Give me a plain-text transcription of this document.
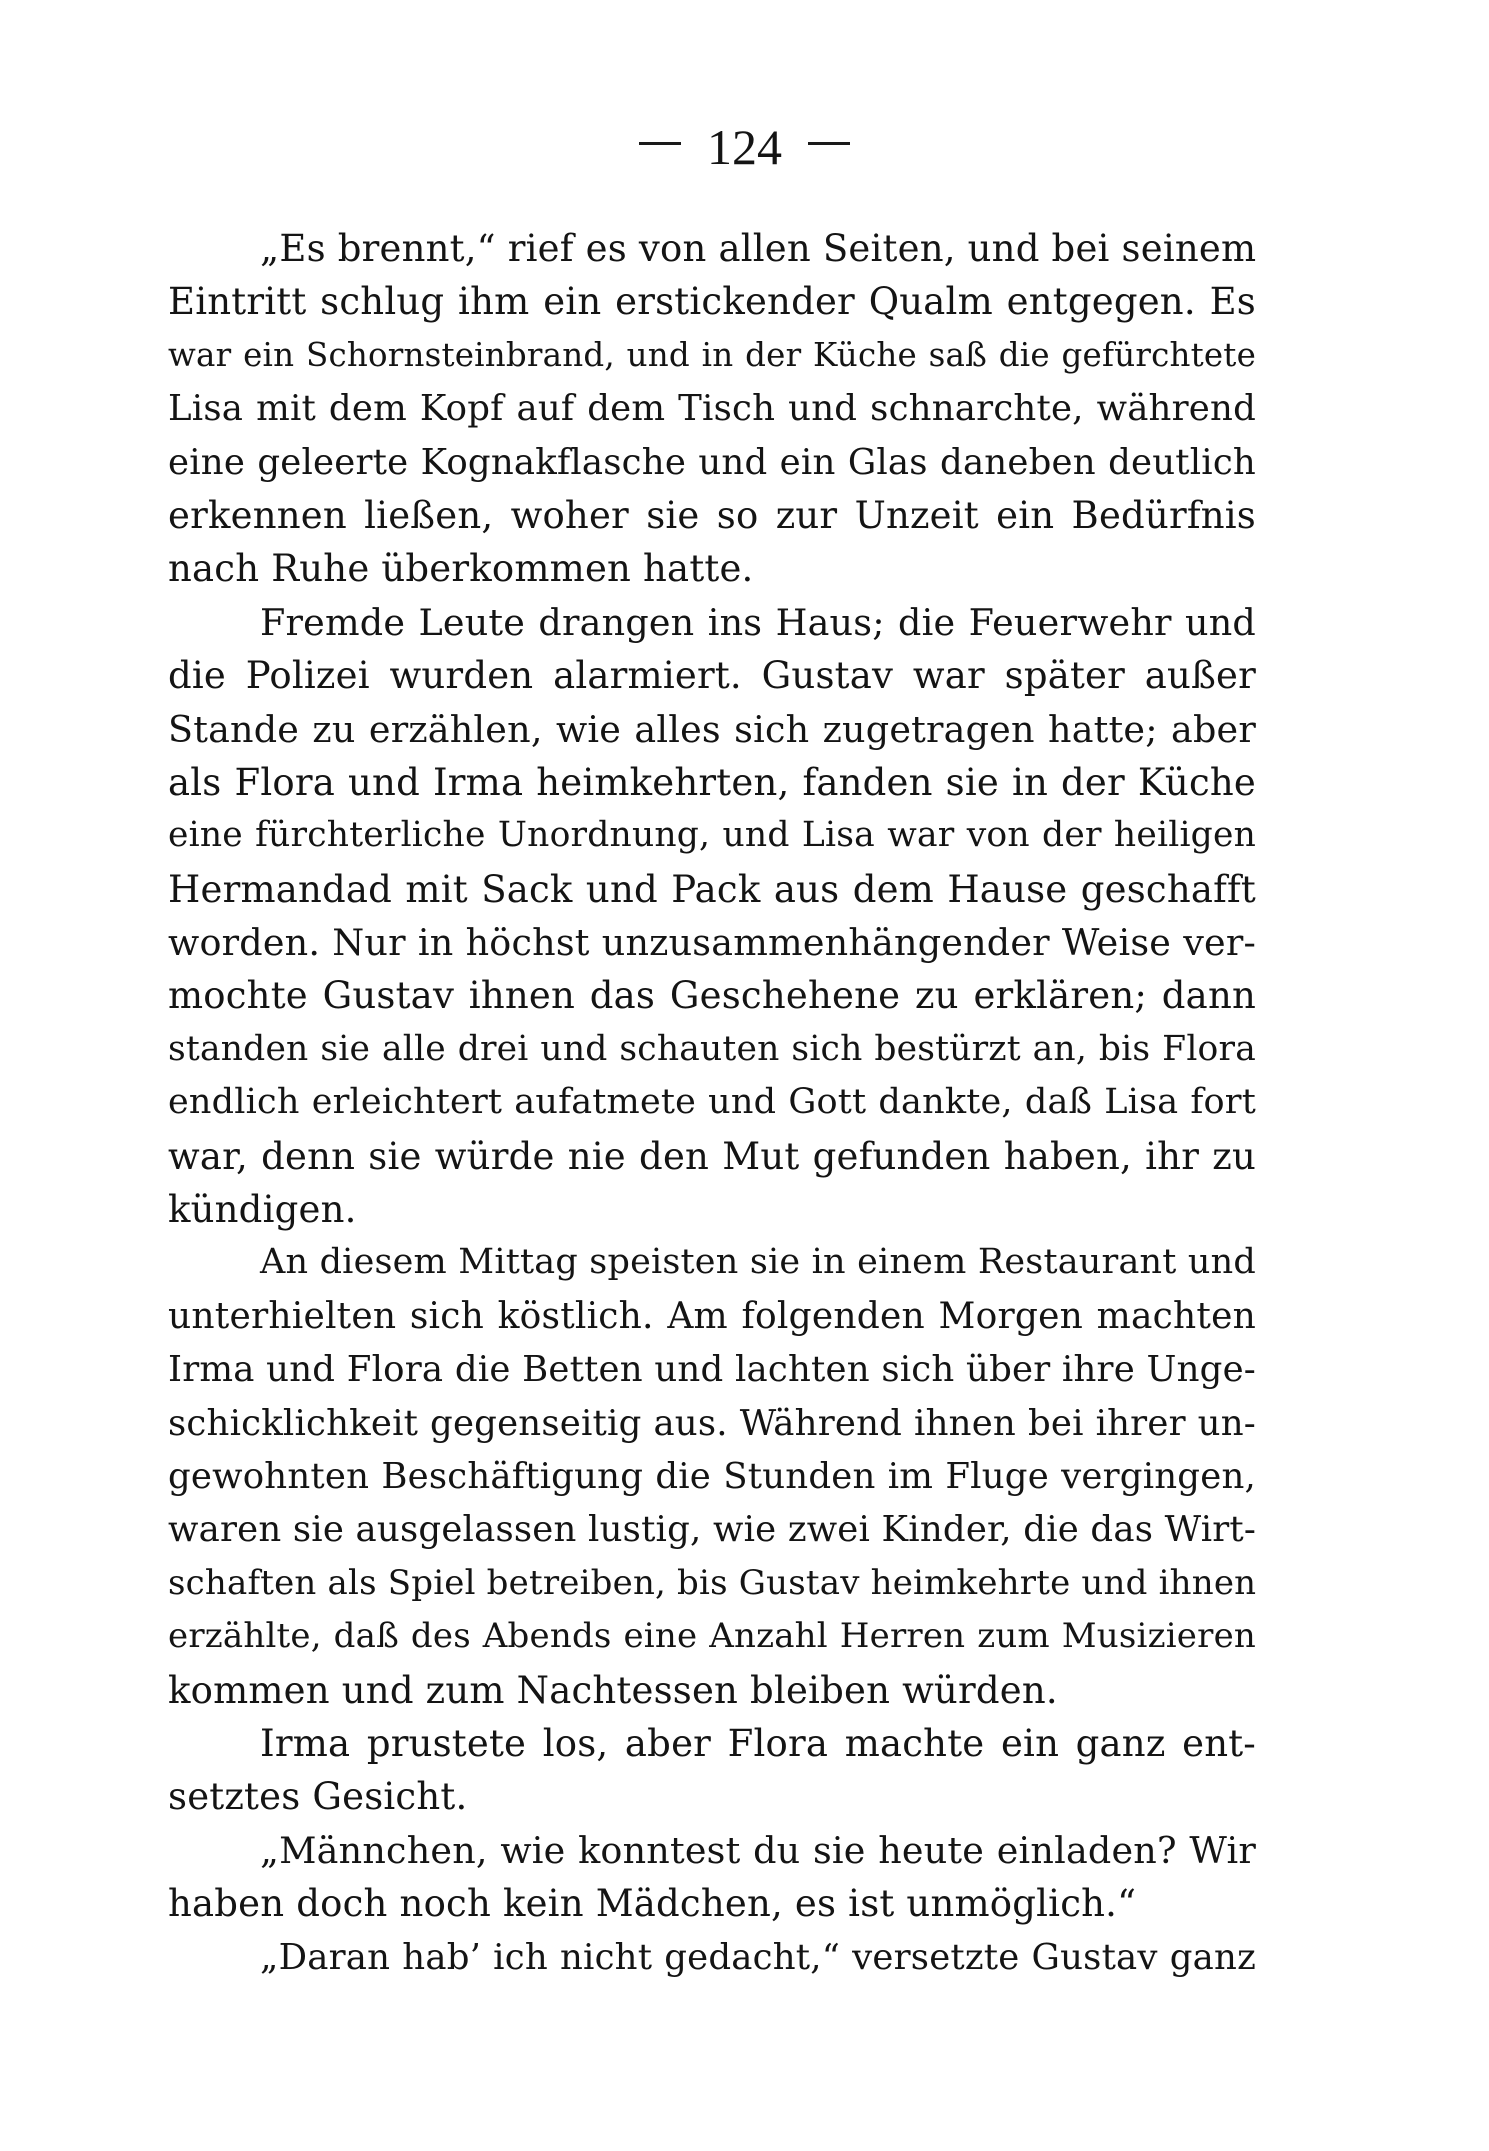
124
„Es brennt,“ rief es von allen Seiten, und bei seinem
Eintritt schlug ihm ein erstickender Qualm entgegen. Es
war ein Schornsteinbrand, und in der Küche saß die gefürchtete
Lisa mit dem Kopf auf dem Tisch und schnarchte, während
eine geleerte Kognakflasche und ein Glas daneben deutlich
erkennen ließen, woher sie so zur Unzeit ein Bedürfnis
nach Ruhe überkommen hatte.
Fremde Leute drangen ins Haus; die Feuerwehr und
die Polizei wurden alarmiert. Gustav war später außer
Stande zu erzählen, wie alles sich zugetragen hatte; aber
als Flora und Irma heimkehrten, fanden sie in der Küche
eine fürchterliche Unordnung, und Lisa war von der heiligen
Hermandad mit Sack und Pack aus dem Hause geschafft
worden. Nur in höchst unzusammenhängender Weise ver-
mochte Gustav ihnen das Geschehene zu erklären; dann
standen sie alle drei und schauten sich bestürzt an, bis Flora
endlich erleichtert aufatmete und Gott dankte, daß Lisa fort
war, denn sie würde nie den Mut gefunden haben, ihr zu
kündigen.
An diesem Mittag speisten sie in einem Restaurant und
unterhielten sich köstlich. Am folgenden Morgen machten
Irma und Flora die Betten und lachten sich über ihre Unge-
schicklichkeit gegenseitig aus. Während ihnen bei ihrer un-
gewohnten Beschäftigung die Stunden im Fluge vergingen,
waren sie ausgelassen lustig, wie zwei Kinder, die das Wirt-
schaften als Spiel betreiben, bis Gustav heimkehrte und ihnen
erzählte, daß des Abends eine Anzahl Herren zum Musizieren
kommen und zum Nachtessen bleiben würden.
Irma prustete los, aber Flora machte ein ganz ent-
setztes Gesicht.
„Männchen, wie konntest du sie heute einladen? Wir
haben doch noch kein Mädchen, es ist unmöglich.“
„Daran hab’ ich nicht gedacht,“ versetzte Gustav ganz
